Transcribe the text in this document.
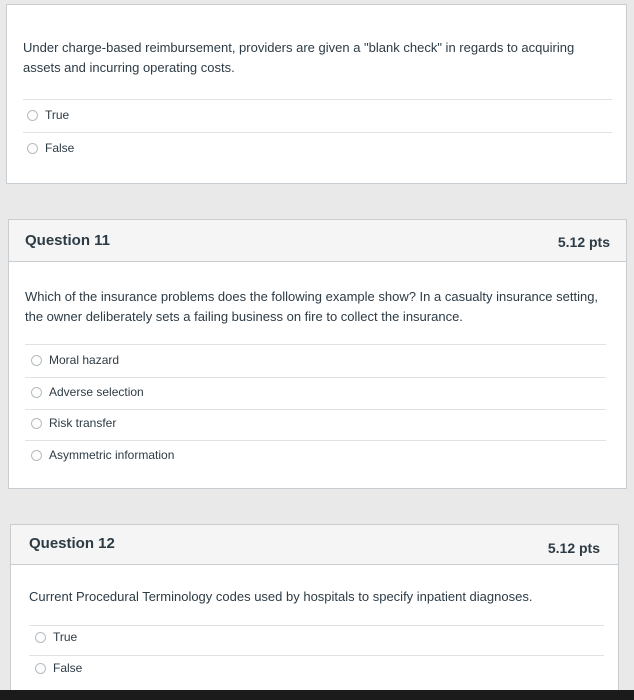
Under charge-based reimbursement, providers are given a "blank check" in regards to acquiring assets and incurring operating costs.
True
False
Question 11	5.12 pts
Which of the insurance problems does the following example show? In a casualty insurance setting, the owner deliberately sets a failing business on fire to collect the insurance.
Moral hazard
Adverse selection
Risk transfer
Asymmetric information
Question 12	5.12 pts
Current Procedural Terminology codes used by hospitals to specify inpatient diagnoses.
True
False
